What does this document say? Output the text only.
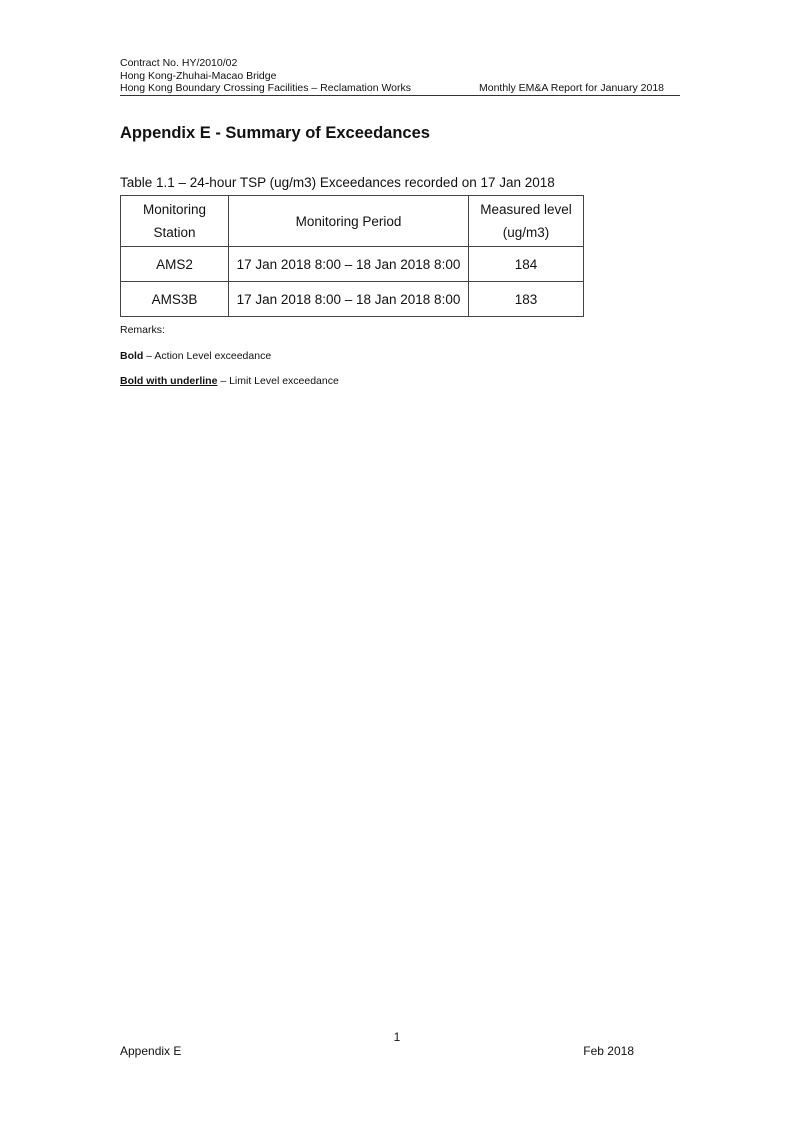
Contract No. HY/2010/02
Hong Kong-Zhuhai-Macao Bridge
Hong Kong Boundary Crossing Facilities – Reclamation Works	Monthly EM&A Report for January 2018
Appendix E - Summary of Exceedances
Table 1.1 – 24-hour TSP (ug/m3) Exceedances recorded on 17 Jan 2018
Monitoring
Station	Monitoring Period	Measured level
(ug/m3)
AMS2	17 Jan 2018 8:00 – 18 Jan 2018 8:00	184
AMS3B	17 Jan 2018 8:00 – 18 Jan 2018 8:00	183
Remarks:
Bold – Action Level exceedance
Bold with underline – Limit Level exceedance
1
Appendix E	Feb 2018
